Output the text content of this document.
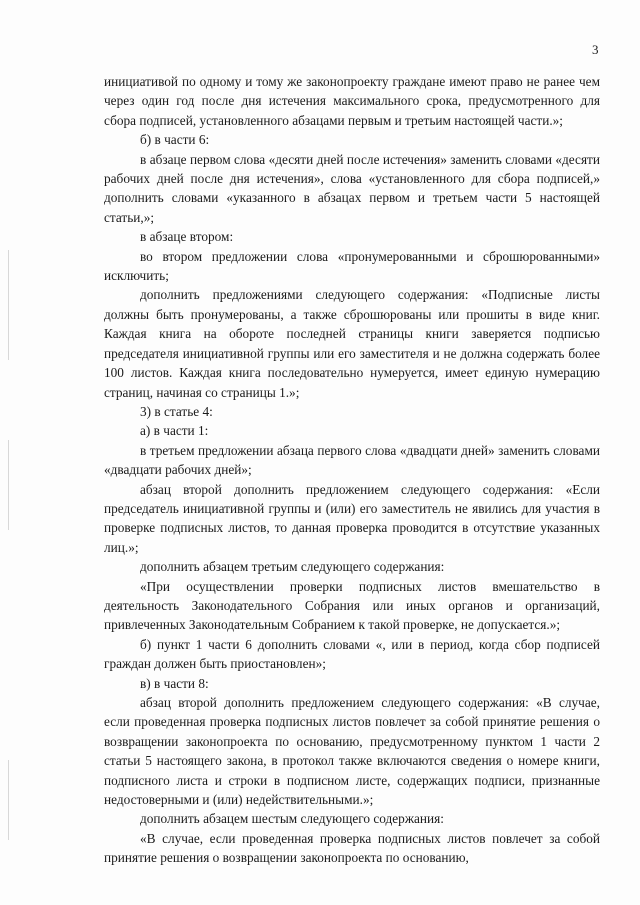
3

инициативой по одному и тому же законопроекту граждане имеют право не ранее чем через один год после дня истечения максимального срока, предусмотренного для сбора подписей, установленного абзацами первым и третьим настоящей части.»;

б) в части 6:

в абзаце первом слова «десяти дней после истечения» заменить словами «десяти рабочих дней после дня истечения», слова «установленного для сбора подписей,» дополнить словами «указанного в абзацах первом и третьем части 5 настоящей статьи,»;

в абзаце втором:

во втором предложении слова «пронумерованными и сброшюрованными» исключить;

дополнить предложениями следующего содержания: «Подписные листы должны быть пронумерованы, а также сброшюрованы или прошиты в виде книг. Каждая книга на обороте последней страницы книги заверяется подписью председателя инициативной группы или его заместителя и не должна содержать более 100 листов. Каждая книга последовательно нумеруется, имеет единую нумерацию страниц, начиная со страницы 1.»;

3) в статье 4:

а) в части 1:

в третьем предложении абзаца первого слова «двадцати дней» заменить словами «двадцати рабочих дней»;

абзац второй дополнить предложением следующего содержания: «Если председатель инициативной группы и (или) его заместитель не явились для участия в проверке подписных листов, то данная проверка проводится в отсутствие указанных лиц.»;

дополнить абзацем третьим следующего содержания:

«При осуществлении проверки подписных листов вмешательство в деятельность Законодательного Собрания или иных органов и организаций, привлеченных Законодательным Собранием к такой проверке, не допускается.»;

б) пункт 1 части 6 дополнить словами «, или в период, когда сбор подписей граждан должен быть приостановлен»;

в) в части 8:

абзац второй дополнить предложением следующего содержания: «В случае, если проведенная проверка подписных листов повлечет за собой принятие решения о возвращении законопроекта по основанию, предусмотренному пунктом 1 части 2 статьи 5 настоящего закона, в протокол также включаются сведения о номере книги, подписного листа и строки в подписном листе, содержащих подписи, признанные недостоверными и (или) недействительными.»;

дополнить абзацем шестым следующего содержания:

«В случае, если проведенная проверка подписных листов повлечет за собой принятие решения о возвращении законопроекта по основанию,
